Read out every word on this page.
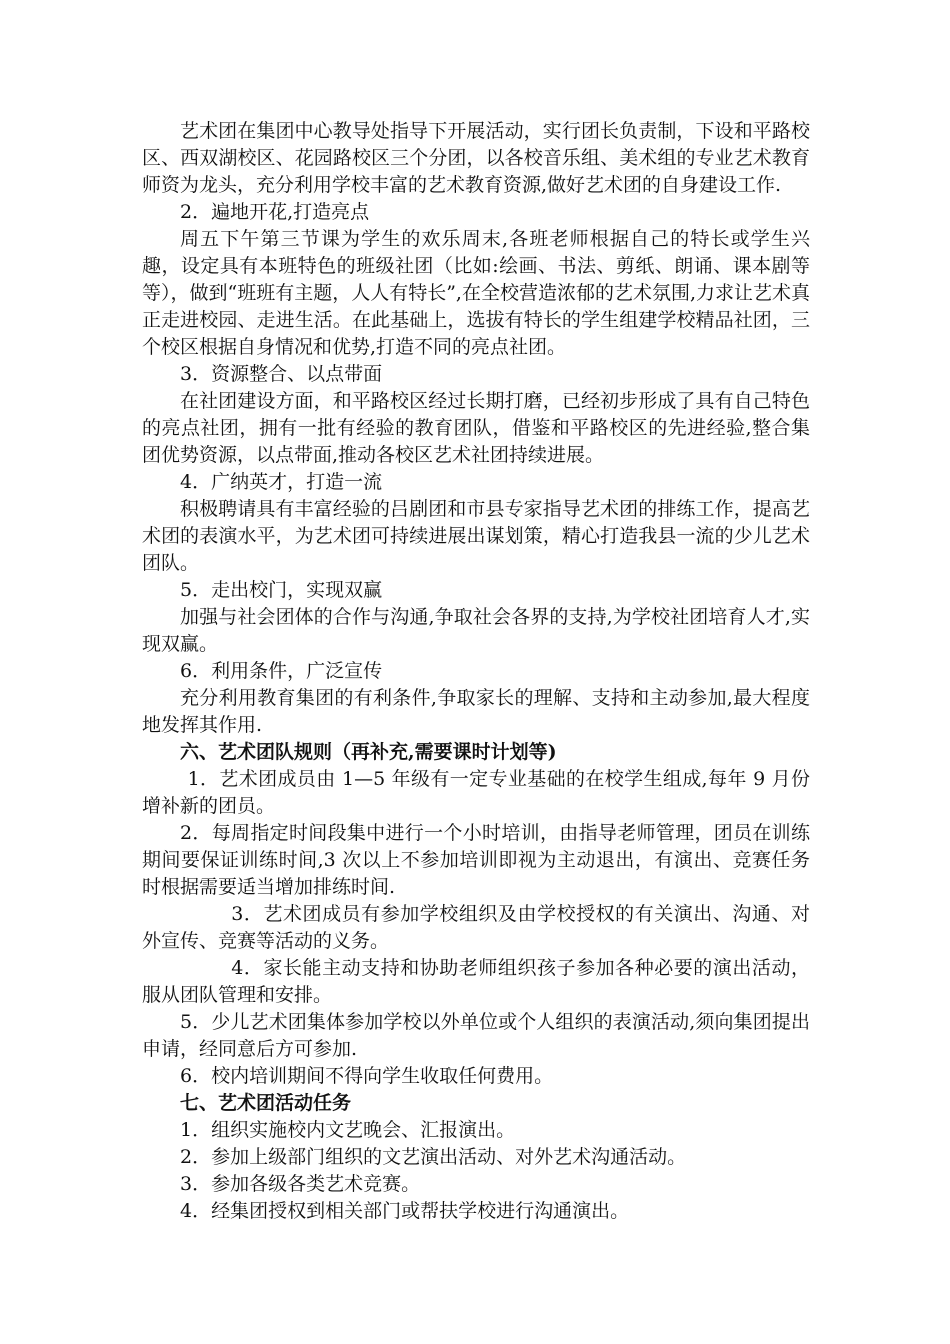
艺术团在集团中心教导处指导下开展活动，实行团长负责制，下设和平路校区、西双湖校区、花园路校区三个分团，以各校音乐组、美术组的专业艺术教育师资为龙头，充分利用学校丰富的艺术教育资源,做好艺术团的自身建设工作.

2．遍地开花,打造亮点

周五下午第三节课为学生的欢乐周末,各班老师根据自己的特长或学生兴趣，设定具有本班特色的班级社团（比如:绘画、书法、剪纸、朗诵、课本剧等等），做到“班班有主题，人人有特长”,在全校营造浓郁的艺术氛围,力求让艺术真正走进校园、走进生活。在此基础上，选拔有特长的学生组建学校精品社团，三个校区根据自身情况和优势,打造不同的亮点社团。

3．资源整合、以点带面

在社团建设方面，和平路校区经过长期打磨，已经初步形成了具有自己特色的亮点社团，拥有一批有经验的教育团队，借鉴和平路校区的先进经验,整合集团优势资源，以点带面,推动各校区艺术社团持续进展。

4．广纳英才，打造一流

积极聘请具有丰富经验的吕剧团和市县专家指导艺术团的排练工作，提高艺术团的表演水平，为艺术团可持续进展出谋划策，精心打造我县一流的少儿艺术团队。

5．走出校门，实现双赢

加强与社会团体的合作与沟通,争取社会各界的支持,为学校社团培育人才,实现双赢。

6．利用条件，广泛宣传

充分利用教育集团的有利条件,争取家长的理解、支持和主动参加,最大程度地发挥其作用.

六、艺术团队规则（再补充,需要课时计划等)

1．艺术团成员由 1—5 年级有一定专业基础的在校学生组成,每年 9 月份增补新的团员。

2．每周指定时间段集中进行一个小时培训，由指导老师管理，团员在训练期间要保证训练时间,3 次以上不参加培训即视为主动退出，有演出、竞赛任务时根据需要适当增加排练时间.

3．艺术团成员有参加学校组织及由学校授权的有关演出、沟通、对外宣传、竞赛等活动的义务。

4．家长能主动支持和协助老师组织孩子参加各种必要的演出活动，服从团队管理和安排。

5．少儿艺术团集体参加学校以外单位或个人组织的表演活动,须向集团提出申请，经同意后方可参加.

6．校内培训期间不得向学生收取任何费用。

七、艺术团活动任务

1．组织实施校内文艺晚会、汇报演出。

2．参加上级部门组织的文艺演出活动、对外艺术沟通活动。

3．参加各级各类艺术竞赛。

4．经集团授权到相关部门或帮扶学校进行沟通演出。
